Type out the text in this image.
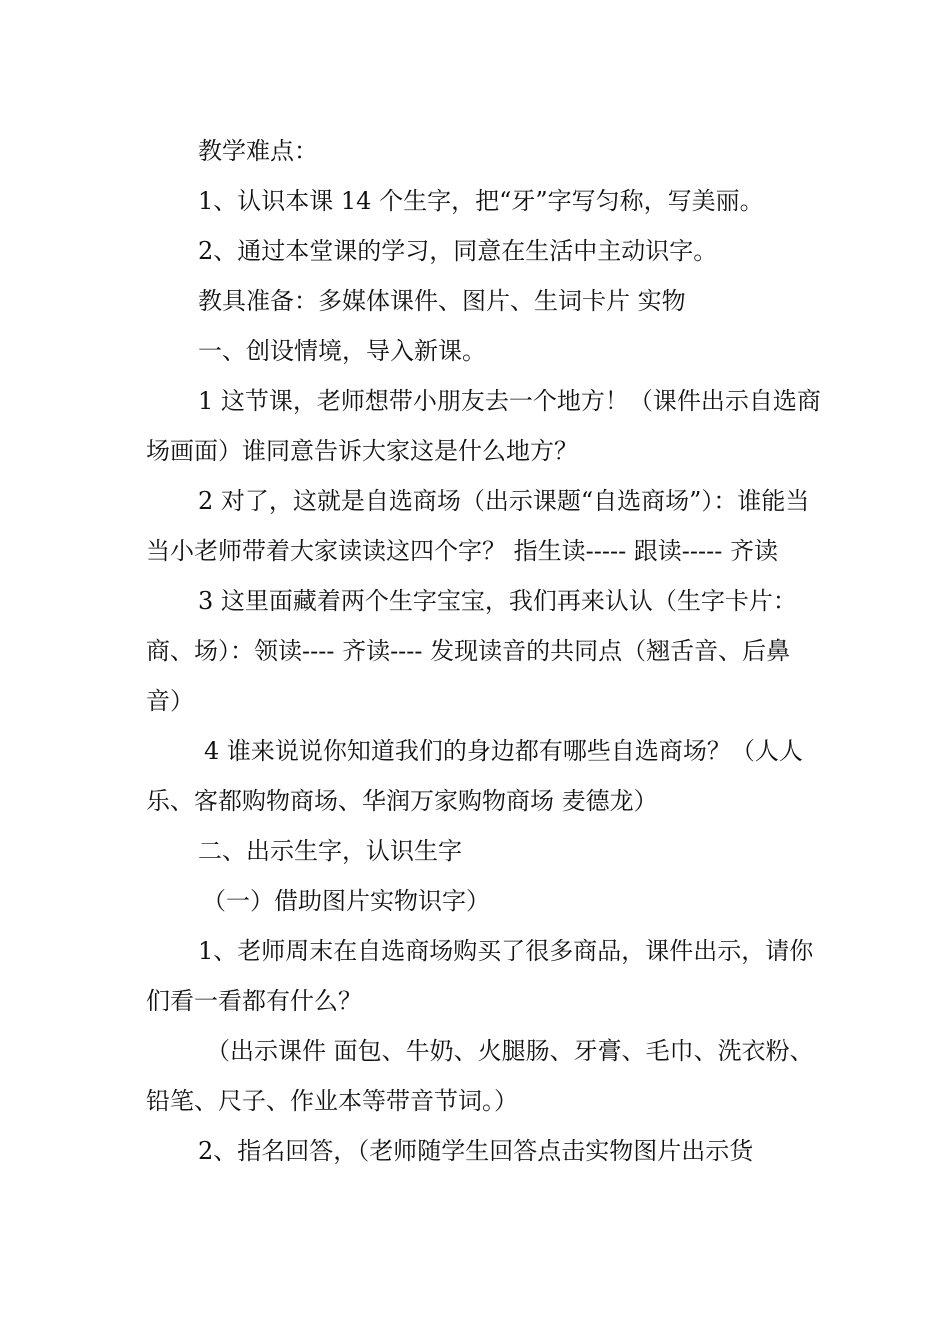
教学难点：

1、认识本课 14 个生字，把“牙”字写匀称，写美丽。

2、通过本堂课的学习，同意在生活中主动识字。

教具准备：多媒体课件、图片、生词卡片 实物

一、创设情境，导入新课。

1 这节课，老师想带小朋友去一个地方！（课件出示自选商场画面）谁同意告诉大家这是什么地方？

2 对了，这就是自选商场（出示课题“自选商场”）：谁能当当小老师带着大家读读这四个字？ 指生读----- 跟读----- 齐读

3 这里面藏着两个生字宝宝，我们再来认认（生字卡片：商、场）：领读---- 齐读---- 发现读音的共同点（翘舌音、后鼻音）

4 谁来说说你知道我们的身边都有哪些自选商场？（人人乐、客都购物商场、华润万家购物商场 麦德龙）

二、出示生字，认识生字

（一）借助图片实物识字）

1、老师周末在自选商场购买了很多商品，课件出示，请你们看一看都有什么？

（出示课件 面包、牛奶、火腿肠、牙膏、毛巾、洗衣粉、铅笔、尺子、作业本等带音节词。）

2、指名回答，（老师随学生回答点击实物图片出示货
